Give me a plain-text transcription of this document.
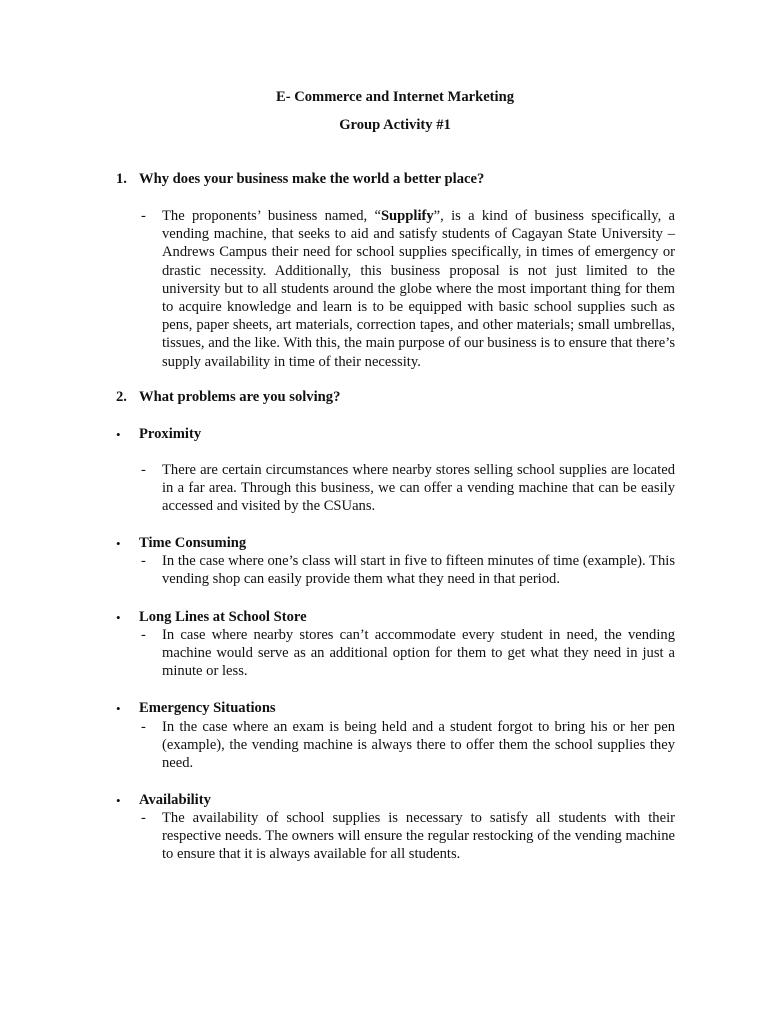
E- Commerce and Internet Marketing
Group Activity #1
1. Why does your business make the world a better place?
- The proponents’ business named, “Supplify”, is a kind of business specifically, a vending machine, that seeks to aid and satisfy students of Cagayan State University – Andrews Campus their need for school supplies specifically, in times of emergency or drastic necessity. Additionally, this business proposal is not just limited to the university but to all students around the globe where the most important thing for them to acquire knowledge and learn is to be equipped with basic school supplies such as pens, paper sheets, art materials, correction tapes, and other materials; small umbrellas, tissues, and the like. With this, the main purpose of our business is to ensure that there’s supply availability in time of their necessity.
2. What problems are you solving?
• Proximity
- There are certain circumstances where nearby stores selling school supplies are located in a far area. Through this business, we can offer a vending machine that can be easily accessed and visited by the CSUans.
• Time Consuming
- In the case where one’s class will start in five to fifteen minutes of time (example). This vending shop can easily provide them what they need in that period.
• Long Lines at School Store
- In case where nearby stores can’t accommodate every student in need, the vending machine would serve as an additional option for them to get what they need in just a minute or less.
• Emergency Situations
- In the case where an exam is being held and a student forgot to bring his or her pen (example), the vending machine is always there to offer them the school supplies they need.
• Availability
- The availability of school supplies is necessary to satisfy all students with their respective needs. The owners will ensure the regular restocking of the vending machine to ensure that it is always available for all students.
